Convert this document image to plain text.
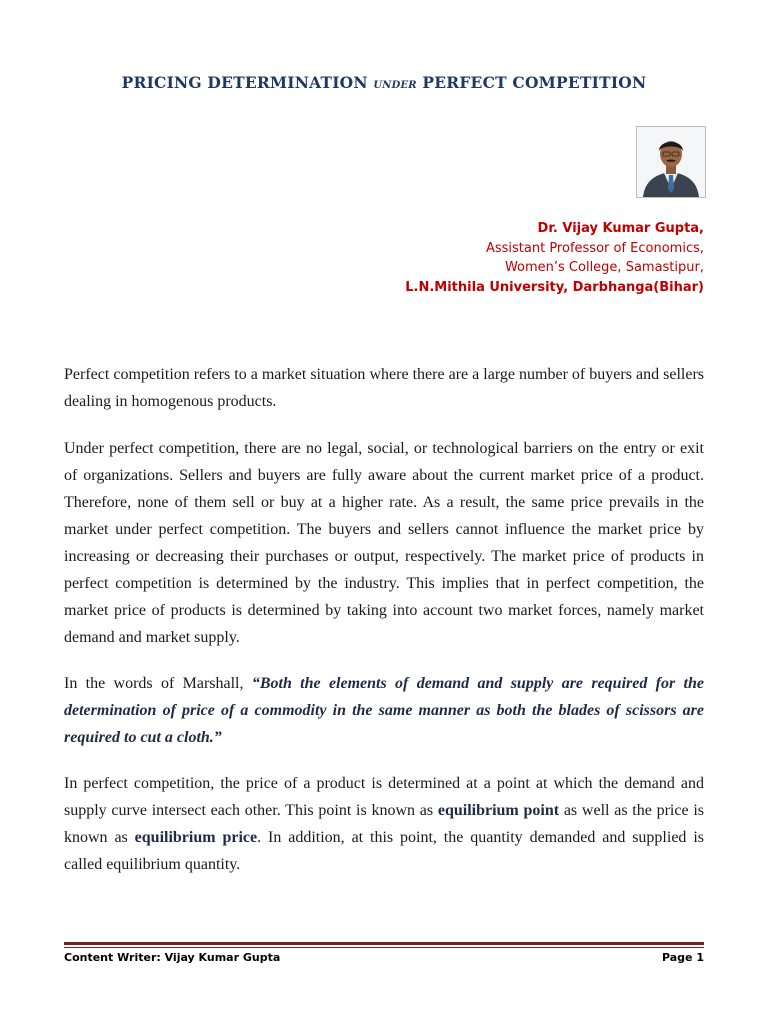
PRICING DETERMINATION UNDER PERFECT COMPETITION
Dr. Vijay Kumar Gupta,
Assistant Professor of Economics,
Women’s College, Samastipur,
L.N.Mithila University, Darbhanga(Bihar)

Perfect competition refers to a market situation where there are a large number of buyers and sellers dealing in homogenous products.

Under perfect competition, there are no legal, social, or technological barriers on the entry or exit of organizations. Sellers and buyers are fully aware about the current market price of a product. Therefore, none of them sell or buy at a higher rate. As a result, the same price prevails in the market under perfect competition. The buyers and sellers cannot influence the market price by increasing or decreasing their purchases or output, respectively. The market price of products in perfect competition is determined by the industry. This implies that in perfect competition, the market price of products is determined by taking into account two market forces, namely market demand and market supply.

In the words of Marshall, “Both the elements of demand and supply are required for the determination of price of a commodity in the same manner as both the blades of scissors are required to cut a cloth.”

In perfect competition, the price of a product is determined at a point at which the demand and supply curve intersect each other. This point is known as equilibrium point as well as the price is known as equilibrium price. In addition, at this point, the quantity demanded and supplied is called equilibrium quantity.

Content Writer: Vijay Kumar Gupta	Page 1
